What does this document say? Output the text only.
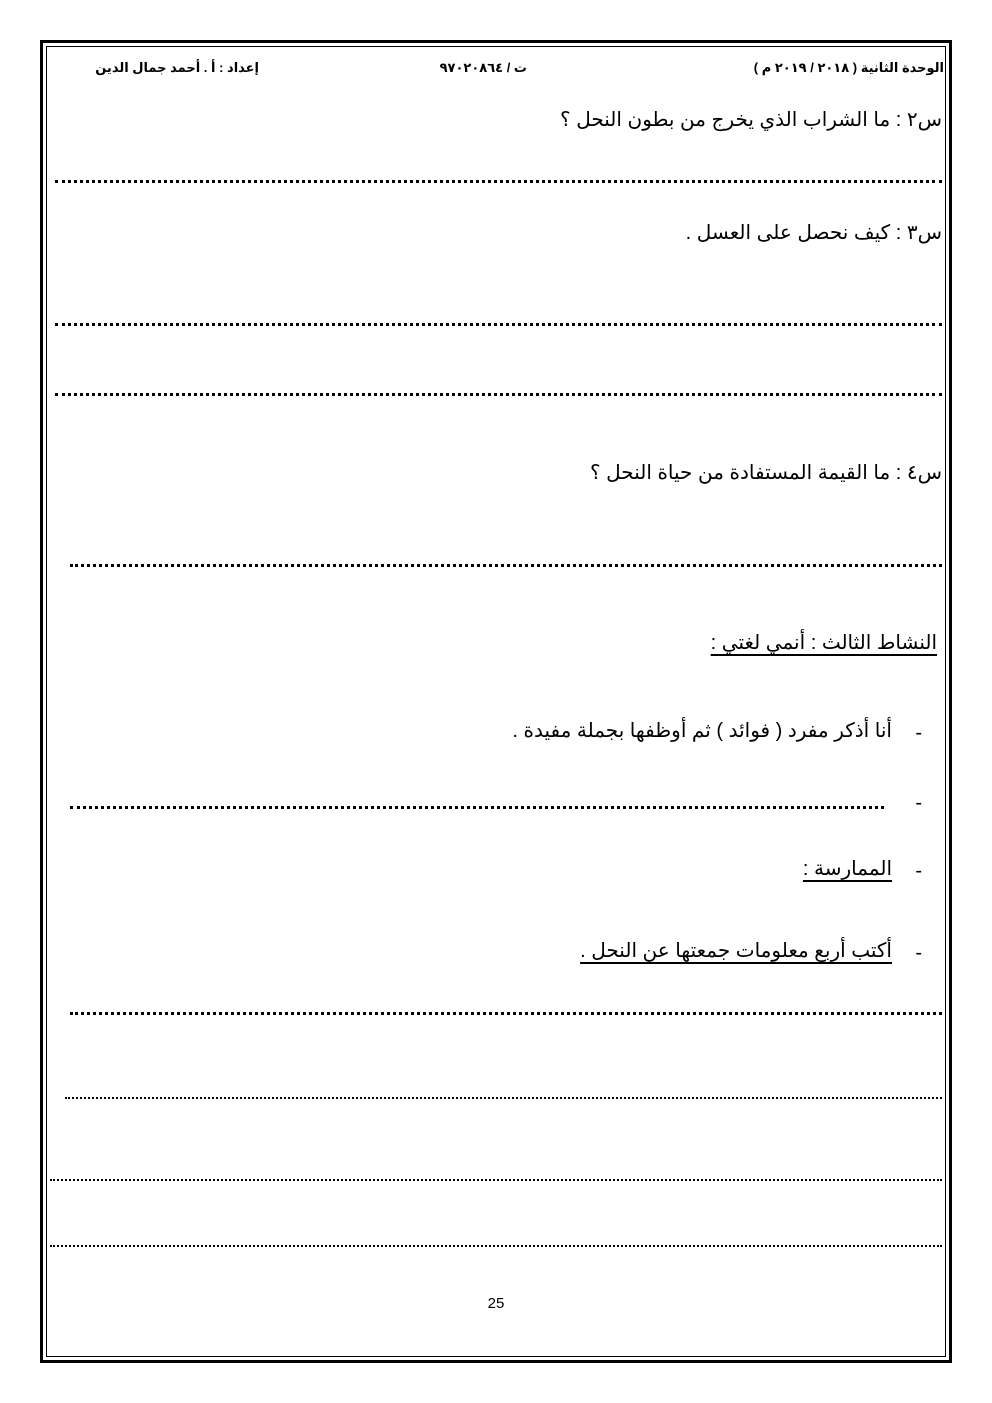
الوحدة الثانية ( ٢٠١٨ / ٢٠١٩ م )
ت / ٩٧٠٢٠٨٦٤
إعداد : أ . أحمد جمال الدين
س٢ : ما الشراب الذي يخرج من بطون النحل ؟
س٣ : كيف نحصل على العسل .
س٤ : ما القيمة المستفادة من حياة النحل ؟
النشاط الثالث : أنمي لغتي :
-
أنا أذكر مفرد ( فوائد ) ثم أوظفها بجملة مفيدة .
-
-
الممارسة :
-
أكتب أربع معلومات جمعتها عن النحل .
25
